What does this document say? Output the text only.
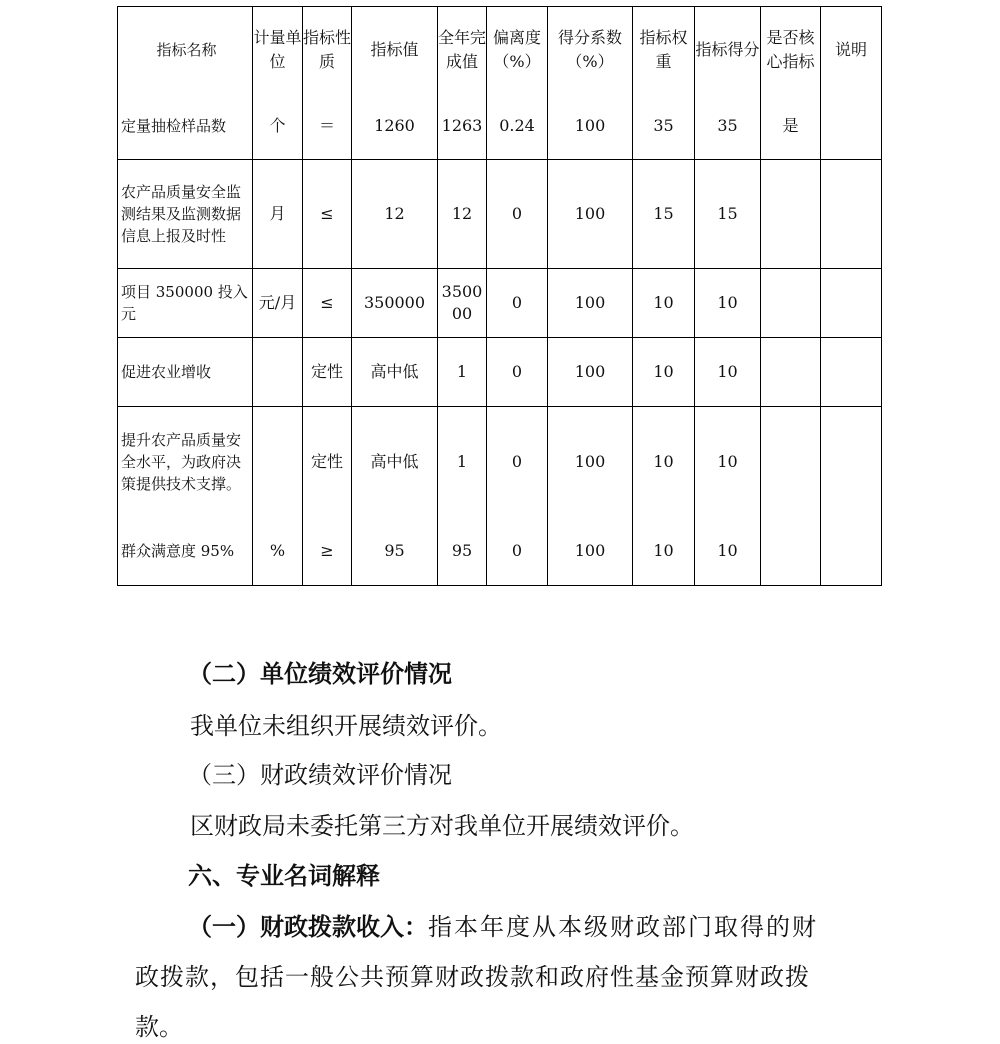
指标名称	计量单位	指标性质	指标值	全年完成值	偏离度（%）	得分系数（%）	指标权重	指标得分	是否核心指标	说明
定量抽检样品数	个	＝	1260	1263	0.24	100	35	35	是	
农产品质量安全监测结果及监测数据信息上报及时性	月	≤	12	12	0	100	15	15		
项目 350000 投入元	元/月	≤	350000	350000	0	100	10	10		
促进农业增收		定性	高中低	1	0	100	10	10		
提升农产品质量安全水平，为政府决策提供技术支撑。		定性	高中低	1	0	100	10	10		
群众满意度 95%	%	≥	95	95	0	100	10	10		
（二）单位绩效评价情况
我单位未组织开展绩效评价。
（三）财政绩效评价情况
区财政局未委托第三方对我单位开展绩效评价。
六、专业名词解释
（一）财政拨款收入：指本年度从本级财政部门取得的财
政拨款，包括一般公共预算财政拨款和政府性基金预算财政拨
款。
